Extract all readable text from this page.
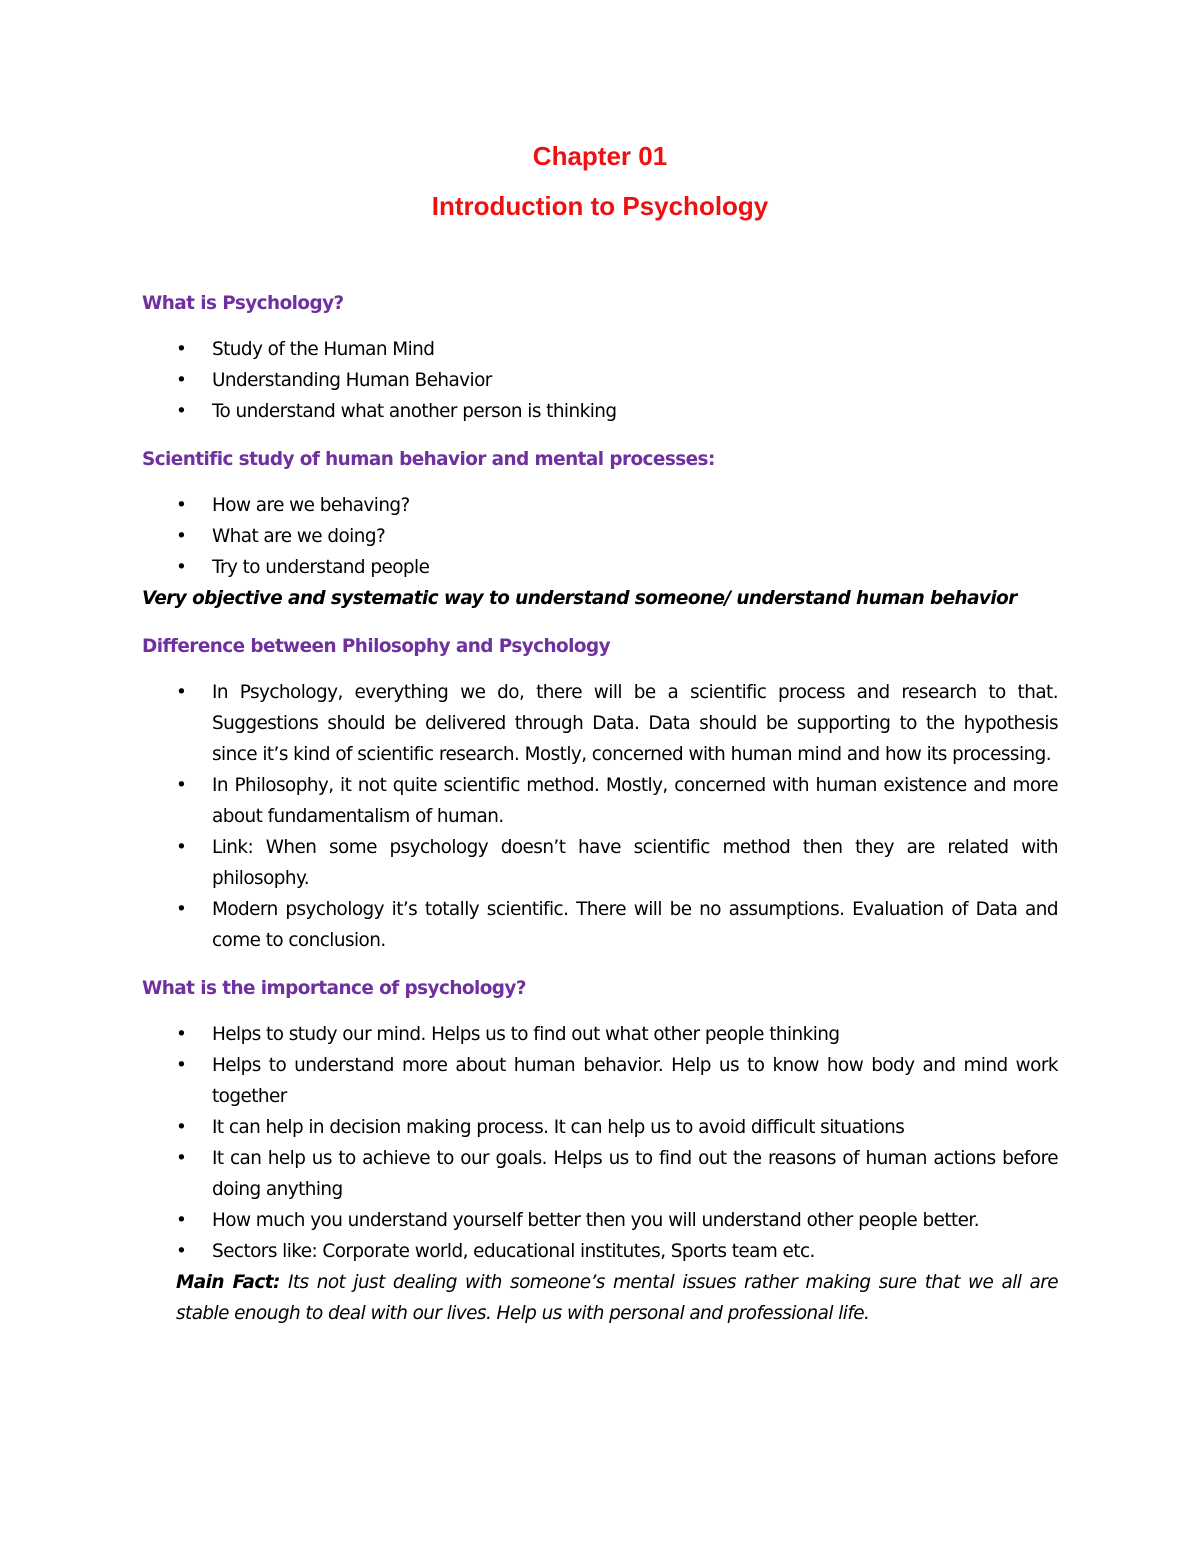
Chapter 01
Introduction to Psychology
What is Psychology?
• Study of the Human Mind
• Understanding Human Behavior
• To understand what another person is thinking
Scientific study of human behavior and mental processes:
• How are we behaving?
• What are we doing?
• Try to understand people

Very objective and systematic way to understand someone/ understand human behavior

Difference between Philosophy and Psychology
• In Psychology, everything we do, there will be a scientific process and research to that. Suggestions should be delivered through Data. Data should be supporting to the hypothesis since it’s kind of scientific research. Mostly, concerned with human mind and how its processing.
• In Philosophy, it not quite scientific method. Mostly, concerned with human existence and more about fundamentalism of human.
• Link: When some psychology doesn’t have scientific method then they are related with philosophy.
• Modern psychology it’s totally scientific. There will be no assumptions. Evaluation of Data and come to conclusion.
What is the importance of psychology?
• Helps to study our mind. Helps us to find out what other people thinking
• Helps to understand more about human behavior. Help us to know how body and mind work together
• It can help in decision making process. It can help us to avoid difficult situations
• It can help us to achieve to our goals. Helps us to find out the reasons of human actions before doing anything
• How much you understand yourself better then you will understand other people better.
• Sectors like: Corporate world, educational institutes, Sports team etc.

Main Fact: Its not just dealing with someone’s mental issues rather making sure that we all are stable enough to deal with our lives. Help us with personal and professional life.
